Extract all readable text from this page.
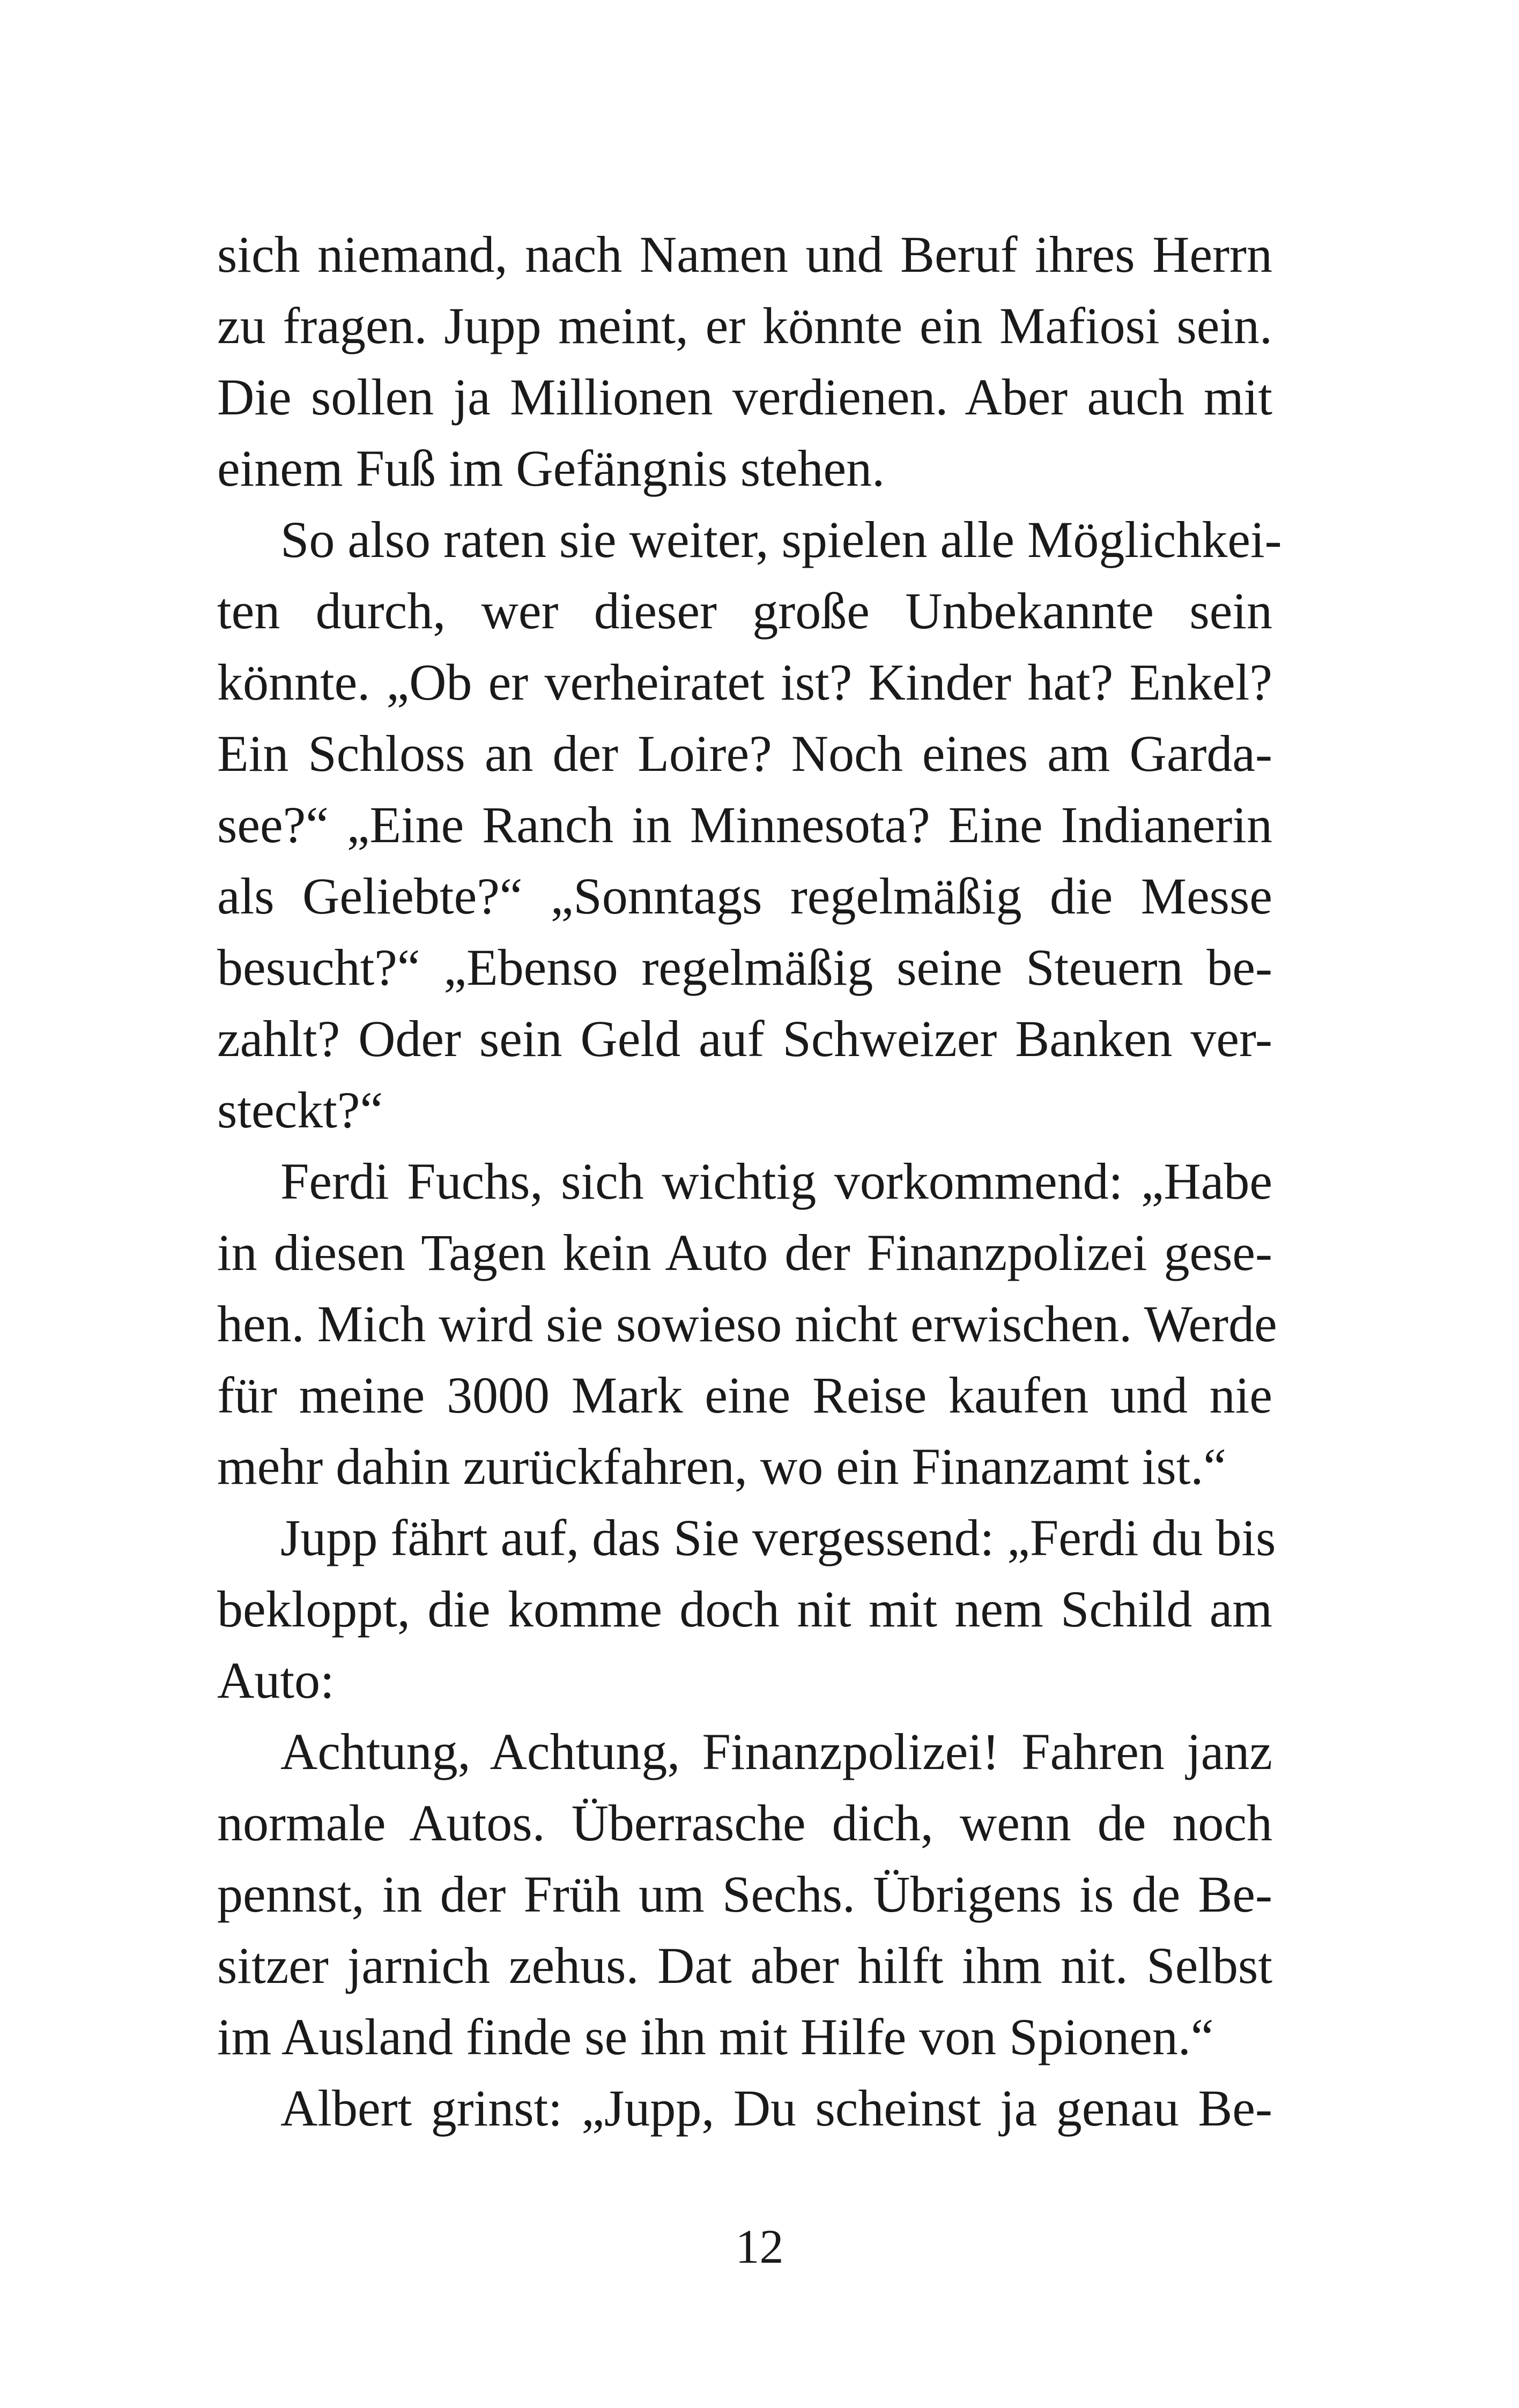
sich niemand, nach Namen und Beruf ihres Herrn
zu fragen. Jupp meint, er könnte ein Mafiosi sein.
Die sollen ja Millionen verdienen. Aber auch mit
einem Fuß im Gefängnis stehen.
So also raten sie weiter, spielen alle Möglichkei-
ten durch, wer dieser große Unbekannte sein
könnte. „Ob er verheiratet ist? Kinder hat? Enkel?
Ein Schloss an der Loire? Noch eines am Garda-
see?“ „Eine Ranch in Minnesota? Eine Indianerin
als Geliebte?“ „Sonntags regelmäßig die Messe
besucht?“ „Ebenso regelmäßig seine Steuern be-
zahlt? Oder sein Geld auf Schweizer Banken ver-
steckt?“
Ferdi Fuchs, sich wichtig vorkommend: „Habe
in diesen Tagen kein Auto der Finanzpolizei gese-
hen. Mich wird sie sowieso nicht erwischen. Werde
für meine 3000 Mark eine Reise kaufen und nie
mehr dahin zurückfahren, wo ein Finanzamt ist.“
Jupp fährt auf, das Sie vergessend: „Ferdi du bis
bekloppt, die komme doch nit mit nem Schild am
Auto:
Achtung, Achtung, Finanzpolizei! Fahren janz
normale Autos. Überrasche dich, wenn de noch
pennst, in der Früh um Sechs. Übrigens is de Be-
sitzer jarnich zehus. Dat aber hilft ihm nit. Selbst
im Ausland finde se ihn mit Hilfe von Spionen.“
Albert grinst: „Jupp, Du scheinst ja genau Be-
12
